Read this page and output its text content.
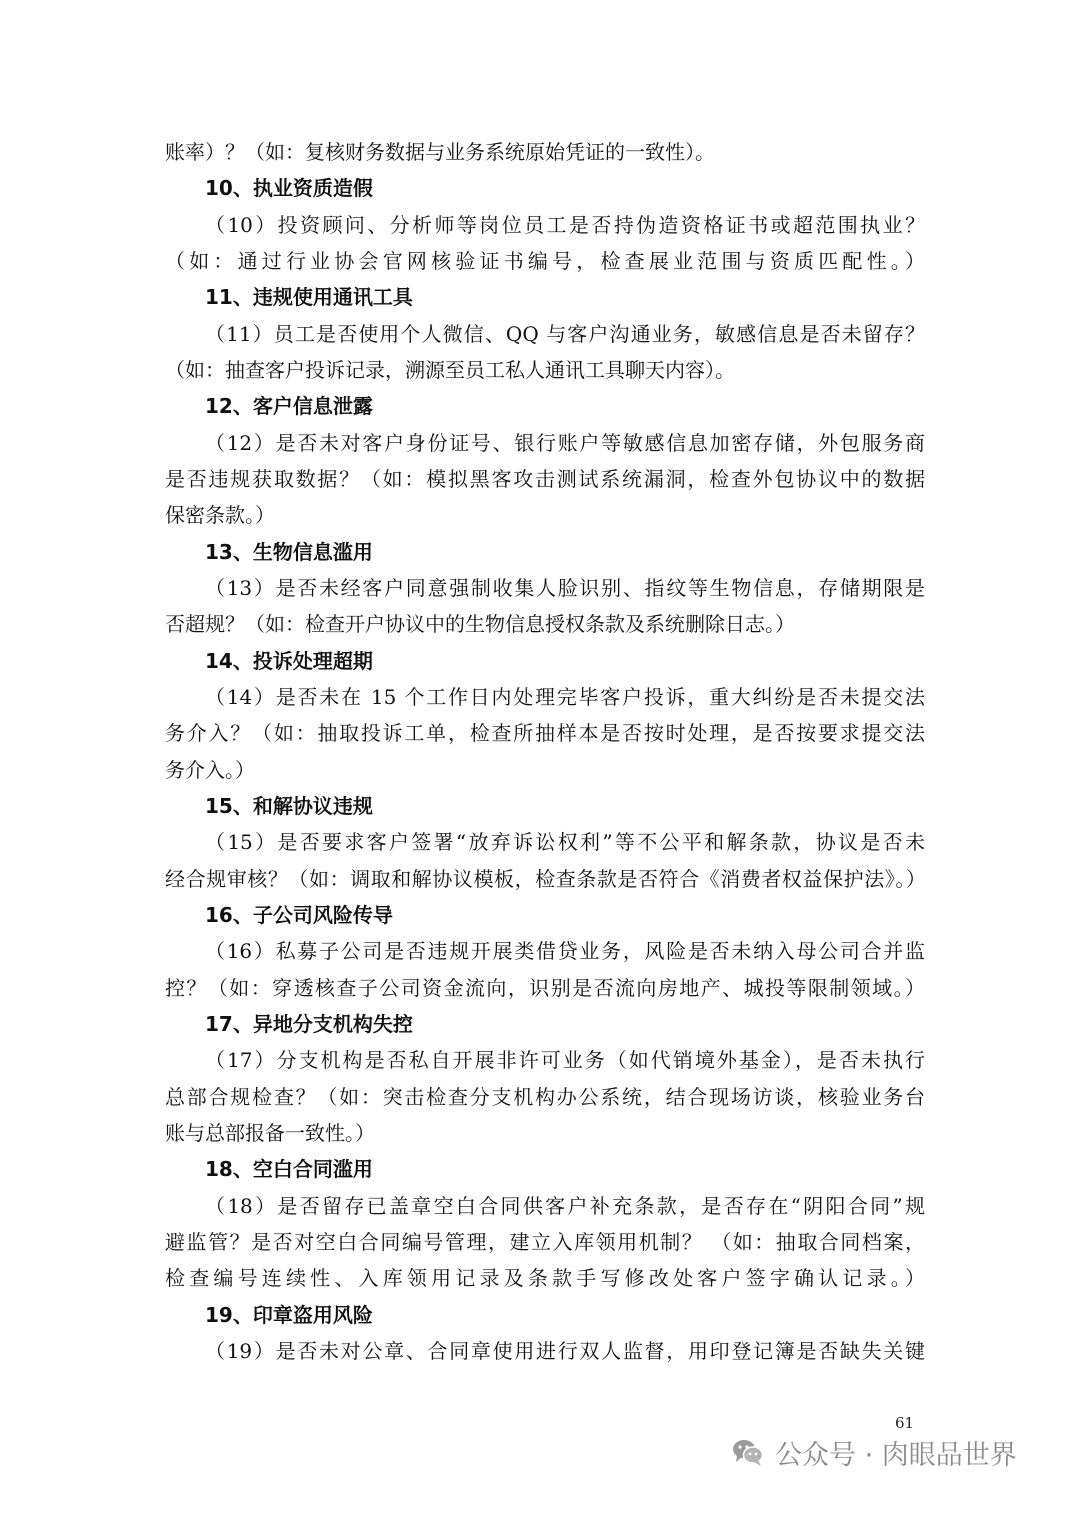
账率）？（如：复核财务数据与业务系统原始凭证的一致性）。
10、执业资质造假
（10）投资顾问、分析师等岗位员工是否持伪造资格证书或超范围执业？
（如：通过行业协会官网核验证书编号，检查展业范围与资质匹配性。）
11、违规使用通讯工具
（11）员工是否使用个人微信、QQ 与客户沟通业务，敏感信息是否未留存？
（如：抽查客户投诉记录，溯源至员工私人通讯工具聊天内容）。
12、客户信息泄露
（12）是否未对客户身份证号、银行账户等敏感信息加密存储，外包服务商
是否违规获取数据？（如：模拟黑客攻击测试系统漏洞，检查外包协议中的数据
保密条款。）
13、生物信息滥用
（13）是否未经客户同意强制收集人脸识别、指纹等生物信息，存储期限是
否超规？（如：检查开户协议中的生物信息授权条款及系统删除日志。）
14、投诉处理超期
（14）是否未在 15 个工作日内处理完毕客户投诉，重大纠纷是否未提交法
务介入？（如：抽取投诉工单，检查所抽样本是否按时处理，是否按要求提交法
务介入。）
15、和解协议违规
（15）是否要求客户签署“放弃诉讼权利”等不公平和解条款，协议是否未
经合规审核？（如：调取和解协议模板，检查条款是否符合《消费者权益保护法》。）
16、子公司风险传导
（16）私募子公司是否违规开展类借贷业务，风险是否未纳入母公司合并监
控？（如：穿透核查子公司资金流向，识别是否流向房地产、城投等限制领域。）
17、异地分支机构失控
（17）分支机构是否私自开展非许可业务（如代销境外基金），是否未执行
总部合规检查？（如：突击检查分支机构办公系统，结合现场访谈，核验业务台
账与总部报备一致性。）
18、空白合同滥用
（18）是否留存已盖章空白合同供客户补充条款，是否存在“阴阳合同”规
避监管？是否对空白合同编号管理，建立入库领用机制？ （如：抽取合同档案，
检查编号连续性、入库领用记录及条款手写修改处客户签字确认记录。）
19、印章盗用风险
（19）是否未对公章、合同章使用进行双人监督，用印登记簿是否缺失关键
61
公众号 · 肉眼品世界
